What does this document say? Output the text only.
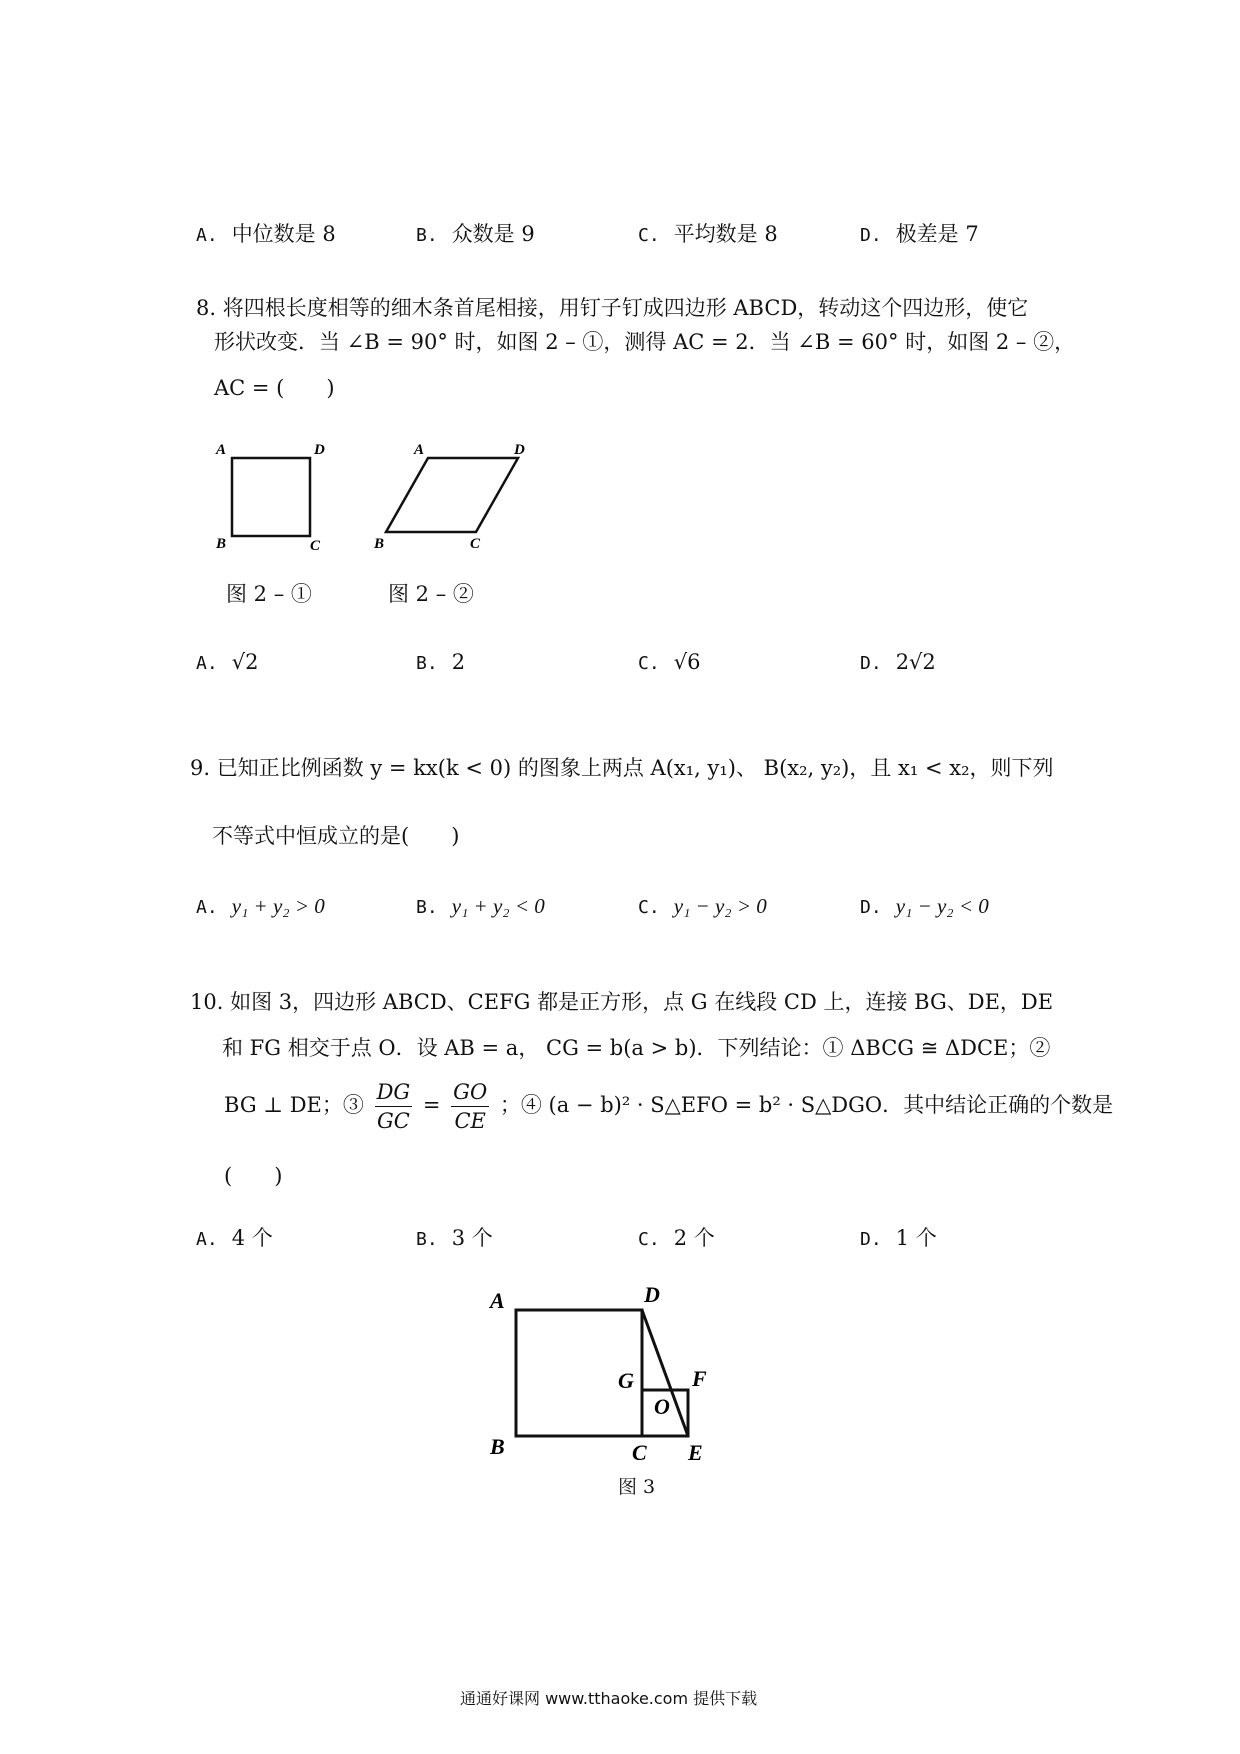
A. 中位数是 8	B. 众数是 9	C. 平均数是 8	D. 极差是 7
8. 将四根长度相等的细木条首尾相接，用钉子钉成四边形 ABCD，转动这个四边形，使它
形状改变．当 ∠B = 90° 时，如图 2 – ①，测得 AC = 2．当 ∠B = 60° 时，如图 2 – ②，
AC = (　　)
A	D
B	C
图 2 – ①
A	D
B	C
图 2 – ②
A. √2	B. 2	C. √6	D. 2√2
9. 已知正比例函数 y = kx(k < 0) 的图象上两点 A(x₁, y₁)、 B(x₂, y₂)，且 x₁ < x₂，则下列
不等式中恒成立的是(　　)
A. y₁ + y₂ > 0	B. y₁ + y₂ < 0	C. y₁ − y₂ > 0	D. y₁ − y₂ < 0
10. 如图 3，四边形 ABCD、CEFG 都是正方形，点 G 在线段 CD 上，连接 BG、DE，DE
和 FG 相交于点 O．设 AB = a， CG = b(a > b)．下列结论：① ΔBCG ≅ ΔDCE；②
BG ⊥ DE；③ $\frac{DG}{GC} = \frac{GO}{CE}$ ；④ (a − b)² · S△EFO = b² · S△DGO．其中结论正确的个数是
(　　)
A. 4 个	B. 3 个	C. 2 个	D. 1 个
A	D
G	F
O
B	C E
图 3
通通好课网 www.tthaoke.com 提供下载
